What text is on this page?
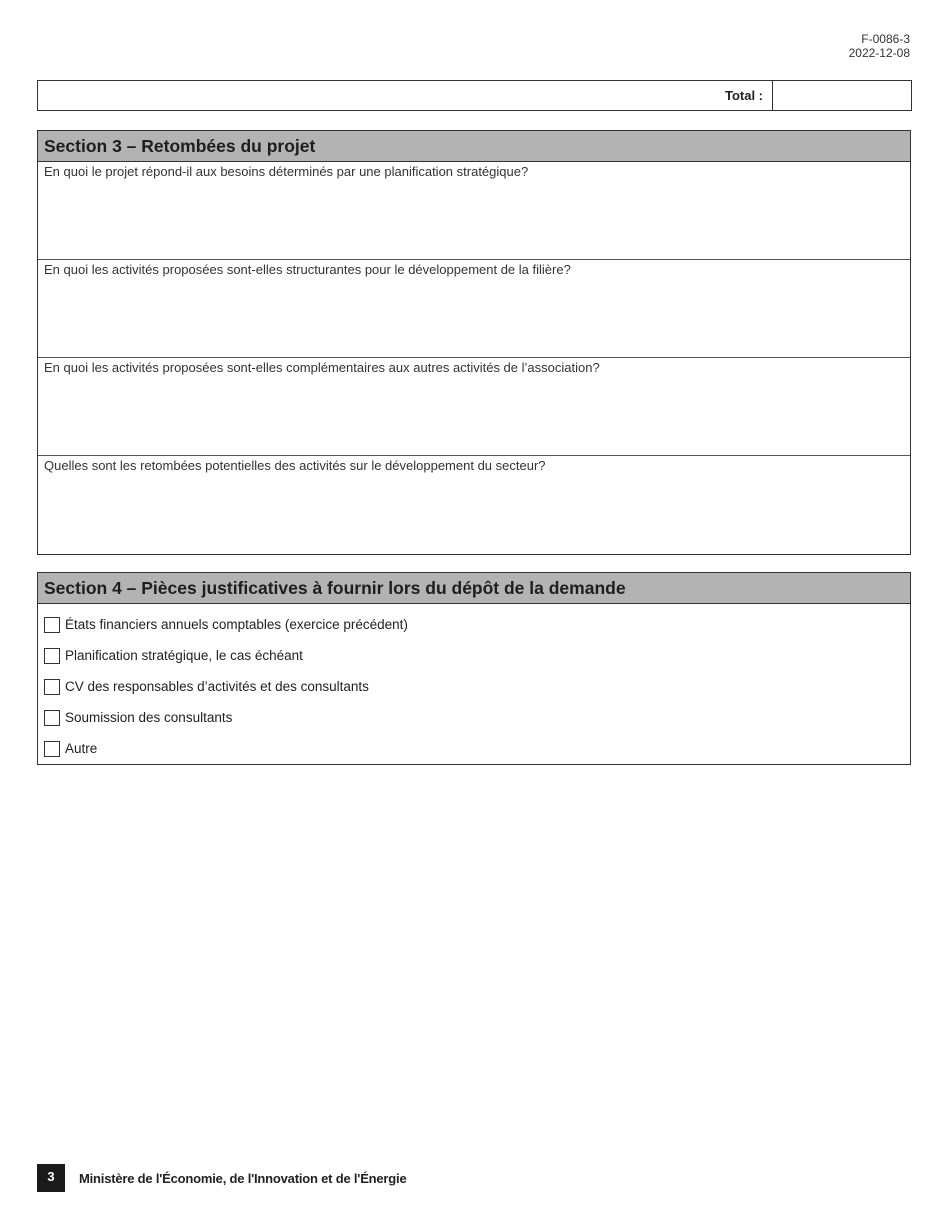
F-0086-3
2022-12-08
Total :
Section 3 – Retombées du projet
En quoi le projet répond-il aux besoins déterminés par une planification stratégique?
En quoi les activités proposées sont-elles structurantes pour le développement de la filière?
En quoi les activités proposées sont-elles complémentaires aux autres activités de l’association?
Quelles sont les retombées potentielles des activités sur le développement du secteur?
Section 4 – Pièces justificatives à fournir lors du dépôt de la demande
États financiers annuels comptables (exercice précédent)
Planification stratégique, le cas échéant
CV des responsables d’activités et des consultants
Soumission des consultants
Autre
3	Ministère de l'Économie, de l'Innovation et de l'Énergie
